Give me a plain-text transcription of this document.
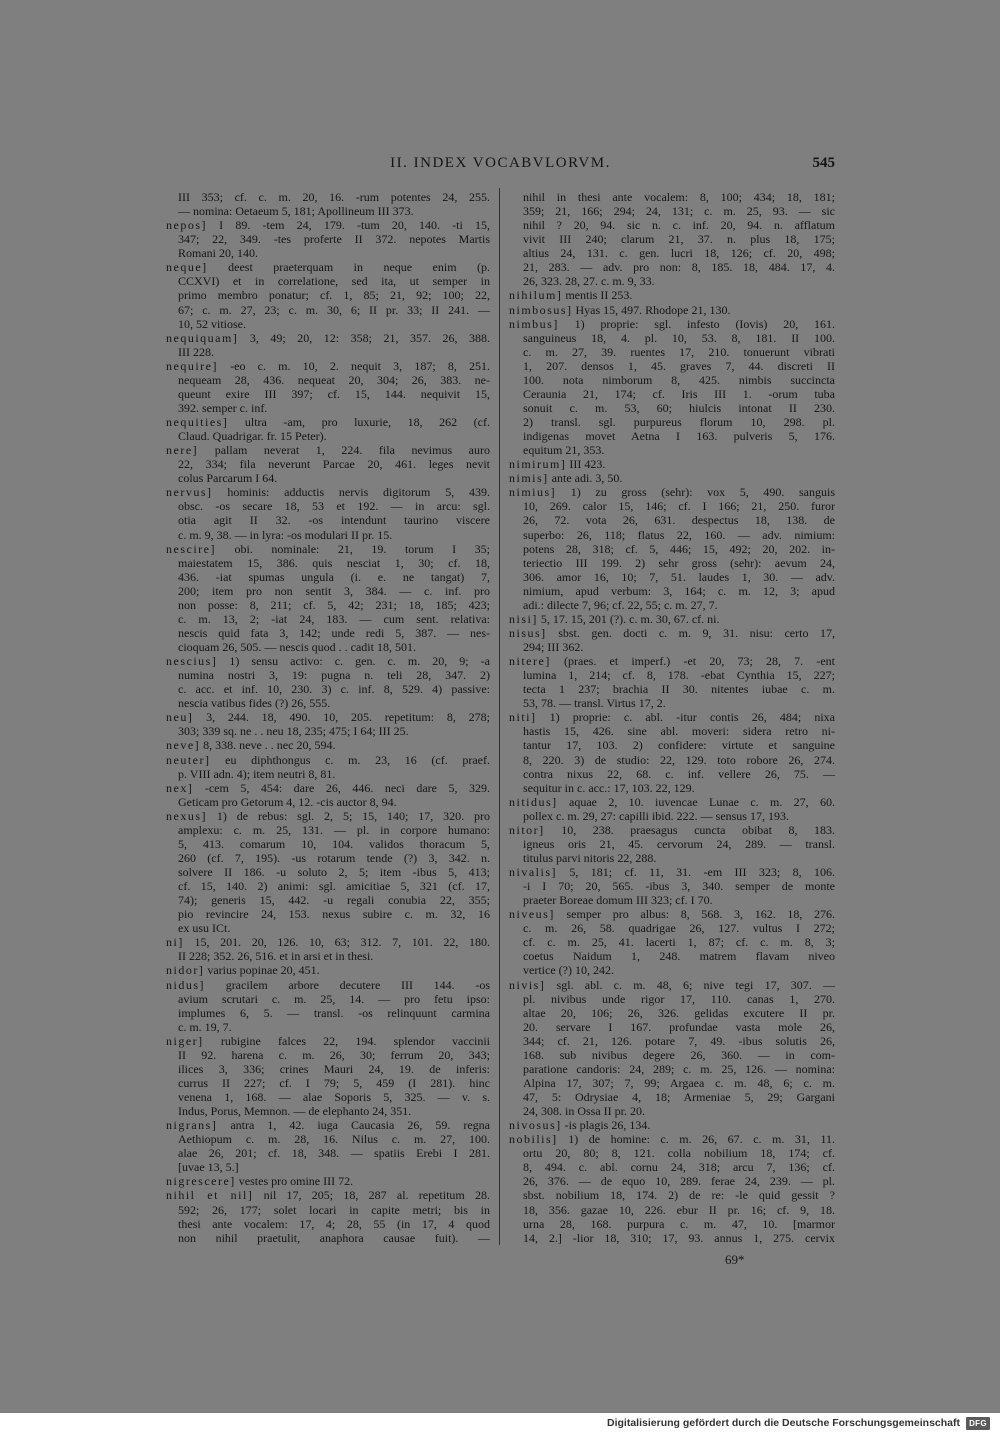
II. INDEX VOCABVLORVM.	545
III 353; cf. c. m. 20, 16. -rum potentes 24, 255.
— nomina: Oetaeum 5, 181; Apollineum III 373.
nepos] I 89. -tem 24, 179. -tum 20, 140. -ti 15,
347; 22, 349. -tes proferte II 372. nepotes Martis
Romani 20, 140.
neque] deest praeterquam in neque enim (p.
CCXVI) et in correlatione, sed ita, ut semper in
primo membro ponatur; cf. 1, 85; 21, 92; 100; 22,
67; c. m. 27, 23; c. m. 30, 6; II pr. 33; II 241. —
10, 52 vitiose.
nequiquam] 3, 49; 20, 12: 358; 21, 357. 26, 388.
III 228.
nequire] -eo c. m. 10, 2. nequit 3, 187; 8, 251.
nequeam 28, 436. nequeat 20, 304; 26, 383. ne-
queunt exire III 397; cf. 15, 144. nequivit 15,
392. semper c. inf.
nequities] ultra -am, pro luxurie, 18, 262 (cf.
Claud. Quadrigar. fr. 15 Peter).
nere] pallam neverat 1, 224. fila nevimus auro
22, 334; fila neverunt Parcae 20, 461. leges nevit
colus Parcarum I 64.
nervus] hominis: adductis nervis digitorum 5, 439.
obsc. -os secare 18, 53 et 192. — in arcu: sgl.
otia agit II 32. -os intendunt taurino viscere
c. m. 9, 38. — in lyra: -os modulari II pr. 15.
nescire] obi. nominale: 21, 19. torum I 35;
maiestatem 15, 386. quis nesciat 1, 30; cf. 18,
436. -iat spumas ungula (i. e. ne tangat) 7,
200; item pro non sentit 3, 384. — c. inf. pro
non posse: 8, 211; cf. 5, 42; 231; 18, 185; 423;
c. m. 13, 2; -iat 24, 183. — cum sent. relativa:
nescis quid fata 3, 142; unde redi 5, 387. — nes-
cioquam 26, 505. — nescis quod . . cadit 18, 501.
nescius] 1) sensu activo: c. gen. c. m. 20, 9; -a
numina nostri 3, 19: pugna n. teli 28, 347. 2)
c. acc. et inf. 10, 230. 3) c. inf. 8, 529. 4) passive:
nescia vatibus fides (?) 26, 555.
neu] 3, 244. 18, 490. 10, 205. repetitum: 8, 278;
303; 339 sq. ne . . neu 18, 235; 475; I 64; III 25.
neve] 8, 338. neve . . nec 20, 594.
neuter] eu diphthongus c. m. 23, 16 (cf. praef.
p. VIII adn. 4); item neutri 8, 81.
nex] -cem 5, 454: dare 26, 446. neci dare 5, 329.
Geticam pro Getorum 4, 12. -cis auctor 8, 94.
nexus] 1) de rebus: sgl. 2, 5; 15, 140; 17, 320. pro
amplexu: c. m. 25, 131. — pl. in corpore humano:
5, 413. comarum 10, 104. validos thoracum 5,
260 (cf. 7, 195). -us rotarum tende (?) 3, 342. n.
solvere II 186. -u soluto 2, 5; item -ibus 5, 413;
cf. 15, 140. 2) animi: sgl. amicitiae 5, 321 (cf. 17,
74); generis 15, 442. -u regali conubia 22, 355;
pio revincire 24, 153. nexus subire c. m. 32, 16
ex usu ICt.
ni] 15, 201. 20, 126. 10, 63; 312. 7, 101. 22, 180.
II 228; 352. 26, 516. et in arsi et in thesi.
nidor] varius popinae 20, 451.
nidus] gracilem arbore decutere III 144. -os
avium scrutari c. m. 25, 14. — pro fetu ipso:
implumes 6, 5. — transl. -os relinquunt carmina
c. m. 19, 7.
niger] rubigine falces 22, 194. splendor vaccinii
II 92. harena c. m. 26, 30; ferrum 20, 343;
ilices 3, 336; crines Mauri 24, 19. de inferis:
currus II 227; cf. I 79; 5, 459 (I 281). hinc
venena 1, 168. — alae Soporis 5, 325. — v. s.
Indus, Porus, Memnon. — de elephanto 24, 351.
nigrans] antra 1, 42. iuga Caucasia 26, 59. regna
Aethiopum c. m. 28, 16. Nilus c. m. 27, 100.
alae 26, 201; cf. 18, 348. — spatiis Erebi I 281.
[uvae 13, 5.]
nigrescere] vestes pro omine III 72.
nihil et nil] nil 17, 205; 18, 287 al. repetitum 28.
592; 26, 177; solet locari in capite metri; bis in
thesi ante vocalem: 17, 4; 28, 55 (in 17, 4 quod
non nihil praetulit, anaphora causae fuit). —
nihil in thesi ante vocalem: 8, 100; 434; 18, 181;
359; 21, 166; 294; 24, 131; c. m. 25, 93. — sic
nihil ? 20, 94. sic n. c. inf. 20, 94. n. afflatum
vivit III 240; clarum 21, 37. n. plus 18, 175;
altius 24, 131. c. gen. lucri 18, 126; cf. 20, 498;
21, 283. — adv. pro non: 8, 185. 18, 484. 17, 4.
26, 323. 28, 27. c. m. 9, 33.
nihilum] mentis II 253.
nimbosus] Hyas 15, 497. Rhodope 21, 130.
nimbus] 1) proprie: sgl. infesto (Iovis) 20, 161.
sanguineus 18, 4. pl. 10, 53. 8, 181. II 100.
c. m. 27, 39. ruentes 17, 210. tonuerunt vibrati
1, 207. densos 1, 45. graves 7, 44. discreti II
100. nota nimborum 8, 425. nimbis succincta
Ceraunia 21, 174; cf. Iris III 1. -orum tuba
sonuit c. m. 53, 60; hiulcis intonat II 230.
2) transl. sgl. purpureus florum 10, 298. pl.
indigenas movet Aetna I 163. pulveris 5, 176.
equitum 21, 353.
nimirum] III 423.
nimis] ante adi. 3, 50.
nimius] 1) zu gross (sehr): vox 5, 490. sanguis
10, 269. calor 15, 146; cf. I 166; 21, 250. furor
26, 72. vota 26, 631. despectus 18, 138. de
superbo: 26, 118; flatus 22, 160. — adv. nimium:
potens 28, 318; cf. 5, 446; 15, 492; 20, 202. in-
teriectio III 199. 2) sehr gross (sehr): aevum 24,
306. amor 16, 10; 7, 51. laudes 1, 30. — adv.
nimium, apud verbum: 3, 164; c. m. 12, 3; apud
adi.: dilecte 7, 96; cf. 22, 55; c. m. 27, 7.
nisi] 5, 17. 15, 201 (?). c. m. 30, 67. cf. ni.
nisus] sbst. gen. docti c. m. 9, 31. nisu: certo 17,
294; III 362.
nitere] (praes. et imperf.) -et 20, 73; 28, 7. -ent
lumina 1, 214; cf. 8, 178. -ebat Cynthia 15, 227;
tecta 1 237; brachia II 30. nitentes iubae c. m.
53, 78. — transl. Virtus 17, 2.
niti] 1) proprie: c. abl. -itur contis 26, 484; nixa
hastis 15, 426. sine abl. moveri: sidera retro ni-
tantur 17, 103. 2) confidere: virtute et sanguine
8, 220. 3) de studio: 22, 129. toto robore 26, 274.
contra nixus 22, 68. c. inf. vellere 26, 75. —
sequitur in c. acc.: 17, 103. 22, 129.
nitidus] aquae 2, 10. iuvencae Lunae c. m. 27, 60.
pollex c. m. 29, 27: capilli ibid. 222. — sensus 17, 193.
nitor] 10, 238. praesagus cuncta obibat 8, 183.
igneus oris 21, 45. cervorum 24, 289. — transl.
titulus parvi nitoris 22, 288.
nivalis] 5, 181; cf. 11, 31. -em III 323; 8, 106.
-i I 70; 20, 565. -ibus 3, 340. semper de monte
praeter Boreae domum III 323; cf. I 70.
niveus] semper pro albus: 8, 568. 3, 162. 18, 276.
c. m. 26, 58. quadrigae 26, 127. vultus I 272;
cf. c. m. 25, 41. lacerti 1, 87; cf. c. m. 8, 3;
coetus Naidum 1, 248. matrem flavam niveo
vertice (?) 10, 242.
nivis] sgl. abl. c. m. 48, 6; nive tegi 17, 307. —
pl. nivibus unde rigor 17, 110. canas 1, 270.
altae 20, 106; 26, 326. gelidas excutere II pr.
20. servare I 167. profundae vasta mole 26,
344; cf. 21, 126. potare 7, 49. -ibus solutis 26,
168. sub nivibus degere 26, 360. — in com-
paratione candoris: 24, 289; c. m. 25, 126. — nomina:
Alpina 17, 307; 7, 99; Argaea c. m. 48, 6; c. m.
47, 5: Odrysiae 4, 18; Armeniae 5, 29; Gargani
24, 308. in Ossa II pr. 20.
nivosus] -is plagis 26, 134.
nobilis] 1) de homine: c. m. 26, 67. c. m. 31, 11.
ortu 20, 80; 8, 121. colla nobilium 18, 174; cf.
8, 494. c. abl. cornu 24, 318; arcu 7, 136; cf.
26, 376. — de equo 10, 289. ferae 24, 239. — pl.
sbst. nobilium 18, 174. 2) de re: -le quid gessit ?
18, 356. gazae 10, 226. ebur II pr. 16; cf. 9, 18.
urna 28, 168. purpura c. m. 47, 10. [marmor
14, 2.] -lior 18, 310; 17, 93. annus 1, 275. cervix
69*
Digitalisierung gefördert durch die Deutsche Forschungsgemeinschaft	DFG
